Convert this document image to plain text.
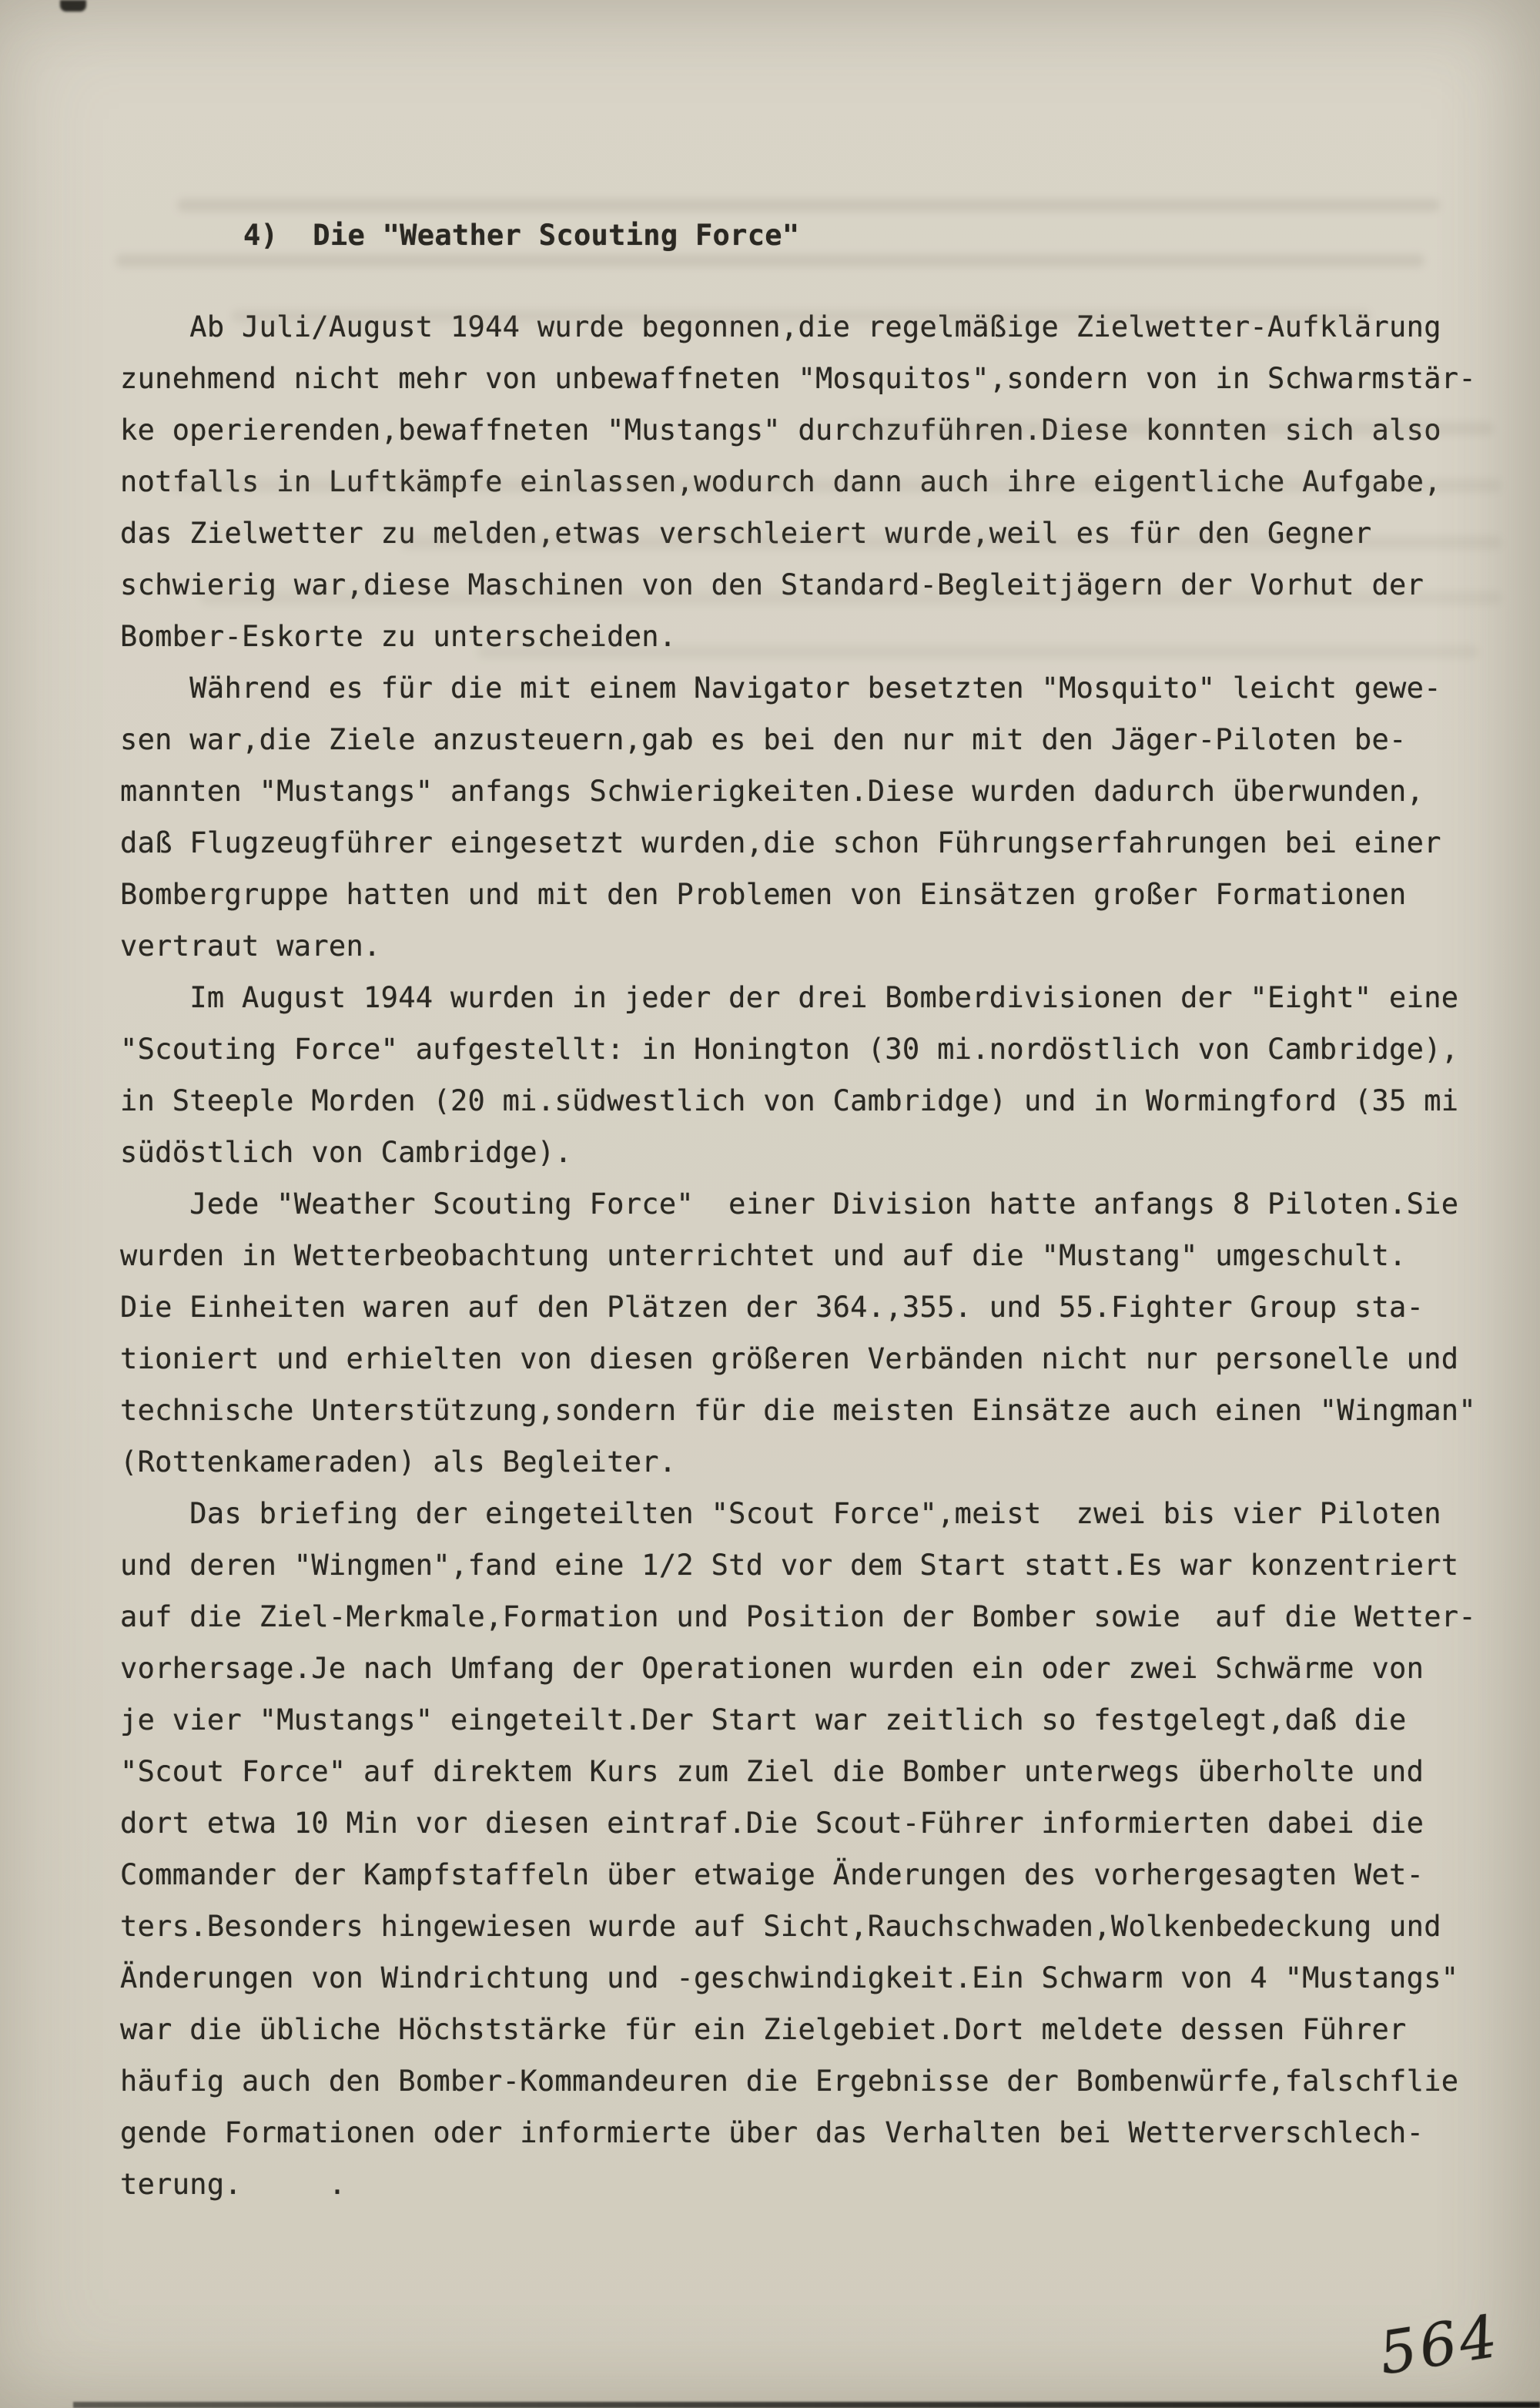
4)  Die "Weather Scouting Force"
Ab Juli/August 1944 wurde begonnen,die regelmäßige Zielwetter-Aufklärung
zunehmend nicht mehr von unbewaffneten "Mosquitos",sondern von in Schwarmstär-
ke operierenden,bewaffneten "Mustangs" durchzuführen.Diese konnten sich also
notfalls in Luftkämpfe einlassen,wodurch dann auch ihre eigentliche Aufgabe,
das Zielwetter zu melden,etwas verschleiert wurde,weil es für den Gegner
schwierig war,diese Maschinen von den Standard-Begleitjägern der Vorhut der
Bomber-Eskorte zu unterscheiden.
Während es für die mit einem Navigator besetzten "Mosquito" leicht gewe-
sen war,die Ziele anzusteuern,gab es bei den nur mit den Jäger-Piloten be-
mannten "Mustangs" anfangs Schwierigkeiten.Diese wurden dadurch überwunden,
daß Flugzeugführer eingesetzt wurden,die schon Führungserfahrungen bei einer
Bombergruppe hatten und mit den Problemen von Einsätzen großer Formationen
vertraut waren.
Im August 1944 wurden in jeder der drei Bomberdivisionen der "Eight" eine
"Scouting Force" aufgestellt: in Honington (30 mi.nordöstlich von Cambridge),
in Steeple Morden (20 mi.südwestlich von Cambridge) und in Wormingford (35 mi
südöstlich von Cambridge).
Jede "Weather Scouting Force"  einer Division hatte anfangs 8 Piloten.Sie
wurden in Wetterbeobachtung unterrichtet und auf die "Mustang" umgeschult.
Die Einheiten waren auf den Plätzen der 364.,355. und 55.Fighter Group sta-
tioniert und erhielten von diesen größeren Verbänden nicht nur personelle und
technische Unterstützung,sondern für die meisten Einsätze auch einen "Wingman"
(Rottenkameraden) als Begleiter.
Das briefing der eingeteilten "Scout Force",meist  zwei bis vier Piloten
und deren "Wingmen",fand eine 1/2 Std vor dem Start statt.Es war konzentriert
auf die Ziel-Merkmale,Formation und Position der Bomber sowie  auf die Wetter-
vorhersage.Je nach Umfang der Operationen wurden ein oder zwei Schwärme von
je vier "Mustangs" eingeteilt.Der Start war zeitlich so festgelegt,daß die
"Scout Force" auf direktem Kurs zum Ziel die Bomber unterwegs überholte und
dort etwa 10 Min vor diesen eintraf.Die Scout-Führer informierten dabei die
Commander der Kampfstaffeln über etwaige Änderungen des vorhergesagten Wet-
ters.Besonders hingewiesen wurde auf Sicht,Rauchschwaden,Wolkenbedeckung und
Änderungen von Windrichtung und -geschwindigkeit.Ein Schwarm von 4 "Mustangs"
war die übliche Höchststärke für ein Zielgebiet.Dort meldete dessen Führer
häufig auch den Bomber-Kommandeuren die Ergebnisse der Bombenwürfe,falschflie
gende Formationen oder informierte über das Verhalten bei Wetterverschlech-
terung.     .
564
